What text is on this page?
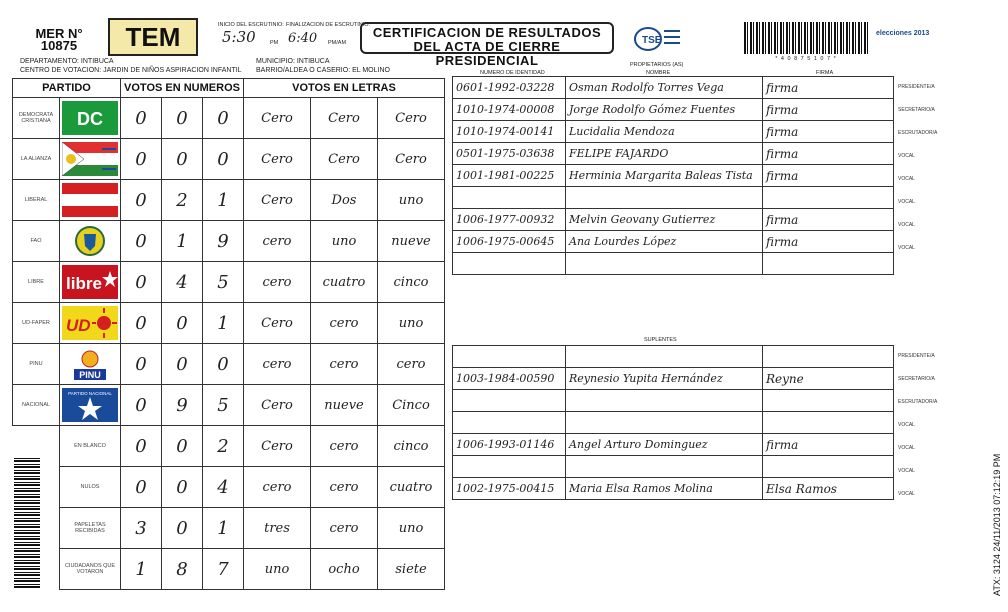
MER N°
10875	TEM	INICIO DEL ESCRUTINIO: FINALIZACION DE ESCRUTINIO:
5:30	PM 6:40 PM/AM
CERTIFICACION DE RESULTADOS
DEL ACTA DE CIERRE PRESIDENCIAL
TSE
* 4 0 8 7 5 1 0 7 *
elecciones 2013
DEPARTAMENTO: INTIBUCA
CENTRO DE VOTACION: JARDIN DE NIÑOS ASPIRACION INFANTIL
MUNICIPIO: INTIBUCA
BARRIO/ALDEA O CASERIO: EL MOLINO
PARTIDO		VOTOS EN NUMEROS			VOTOS EN LETRAS		
DEMOCRATA CRISTIANA	DC	0	0	0	Cero	Cero	Cero
LA ALIANZA		0	0	0	Cero	Cero	Cero
LIBERAL		0	2	1	Cero	Dos	uno
FAO		0	1	9	cero	uno	nueve
LIBRE	libre	0	4	5	cero	cuatro	cinco
UD-FAPER	UD	0	0	1	Cero	cero	uno
PINU	PINU	0	0	0	cero	cero	cero
NACIONAL	PARTIDO NACIONAL	0	9	5	Cero	nueve	Cinco
	EN BLANCO	0	0	2	Cero	cero	cinco
	NULOS	0	0	4	cero	cero	cuatro
	PAPELETAS RECIBIDAS	3	0	1	tres	cero	uno
	CIUDADANOS QUE VOTARON	1	8	7	uno	ocho	siete
NUMERO DE IDENTIDAD
PROPIETARIOS (AS)
NOMBRE	FIRMA
0601-1992-03228	Osman Rodolfo Torres Vega	firma
1010-1974-00008	Jorge Rodolfo Gómez Fuentes	firma
1010-1974-00141	Lucidalia Mendoza	firma
0501-1975-03638	FELIPE FAJARDO	firma
1001-1981-00225	Herminia Margarita Baleas Tista	firma

1006-1977-00932	Melvin Geovany Gutierrez	firma
1006-1975-00645	Ana Lourdes López	firma

SUPLENTES

1003-1984-00590	Reynesio Yupita Hernández	Reyne

1006-1993-01146	Angel Arturo Dominguez	firma

1002-1975-00415	Maria Elsa Ramos Molina	Elsa Ramos
PRESIDENTE/A
SECRETARIO/A
ESCRUTADOR/A
VOCAL
VOCAL
VOCAL
VOCAL
VOCAL
PRESIDENTE/A
SECRETARIO/A
ESCRUTADOR/A
VOCAL
VOCAL
VOCAL
VOCAL	ATX: 3124 24/11/2013 07:12:19 PM
